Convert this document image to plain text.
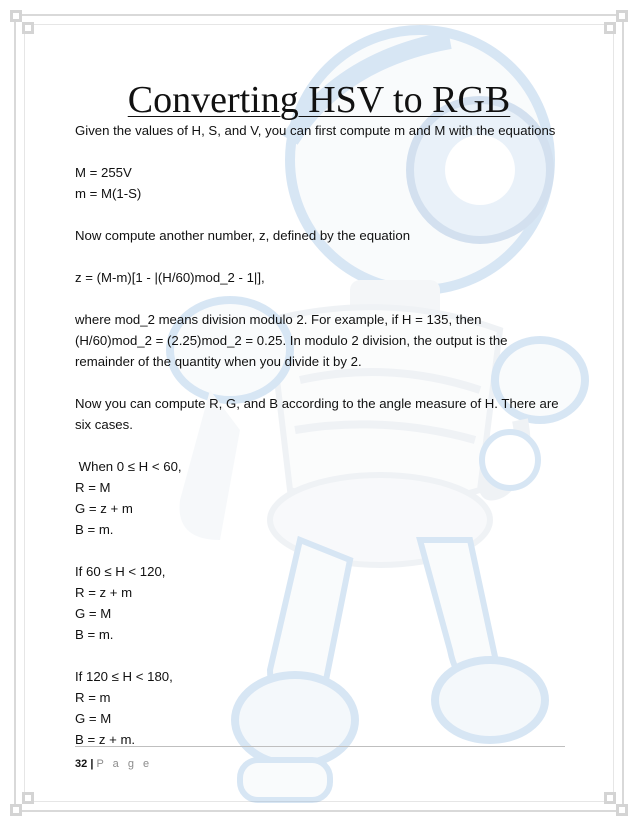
Converting HSV to RGB

Given the values of H, S, and V, you can first compute m and M with the equations

M = 255V

m = M(1-S)

Now compute another number, z, defined by the equation

z = (M-m)[1 - |(H/60)mod_2 - 1|],

where mod_2 means division modulo 2. For example, if H = 135, then

(H/60)mod_2 = (2.25)mod_2 = 0.25. In modulo 2 division, the output is the

remainder of the quantity when you divide it by 2.

Now you can compute R, G, and B according to the angle measure of H. There are

six cases.

When 0 ≤ H < 60,

R = M

G = z + m

B = m.

If 60 ≤ H < 120,

R = z + m

G = M

B = m.

If 120 ≤ H < 180,

R = m

G = M

B = z + m.

32 | P a g e
